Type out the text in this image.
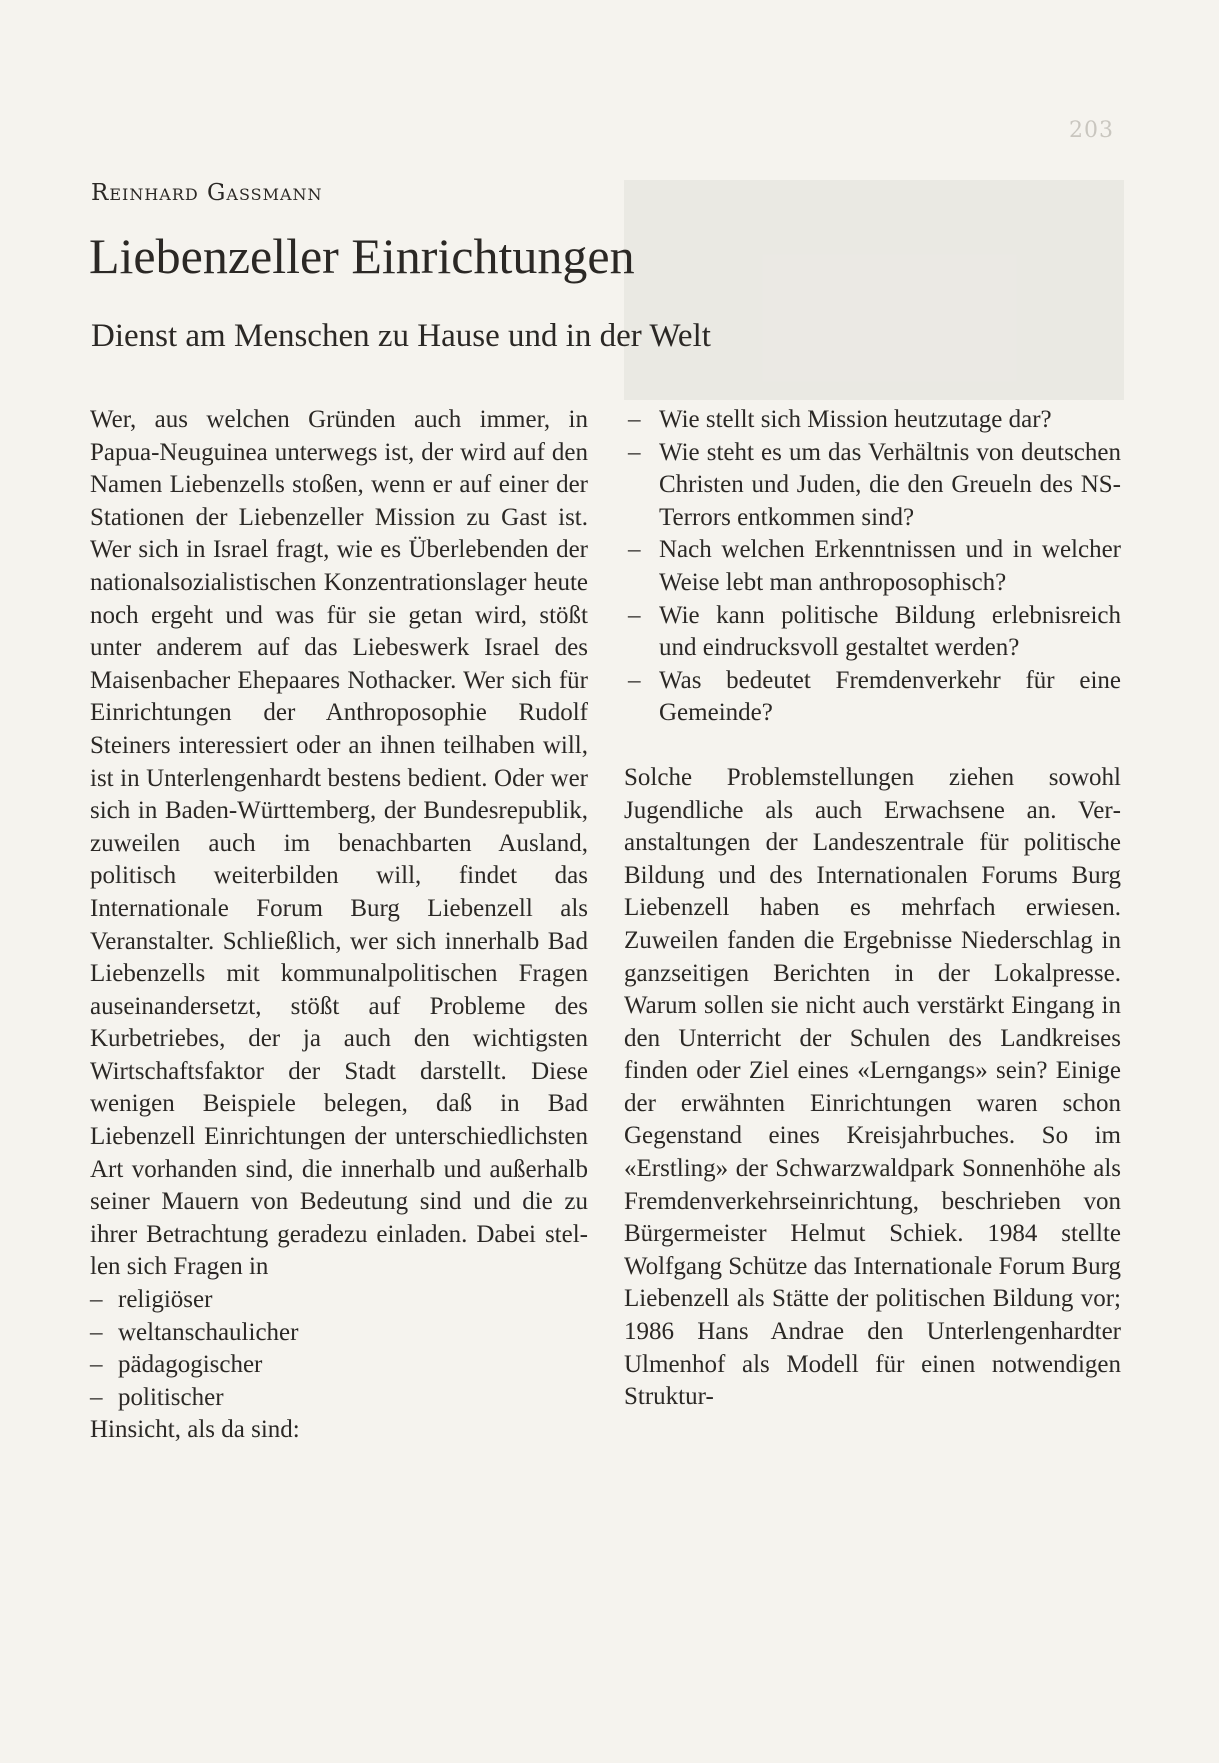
203
Reinhard Gassmann
Liebenzeller Einrichtungen
Dienst am Menschen zu Hause und in der Welt

Wer, aus welchen Gründen auch immer, in Papua-Neuguinea unterwegs ist, der wird auf den Namen Liebenzells stoßen, wenn er auf einer der Stationen der Liebenzeller Mission zu Gast ist. Wer sich in Israel fragt, wie es Überlebenden der nationalsozialistischen Konzentrationslager heute noch ergeht und was für sie getan wird, stößt unter anderem auf das Liebeswerk Israel des Maisenbacher Ehepaares Nothacker. Wer sich für Einrichtungen der Anthroposophie Rudolf Steiners interessiert oder an ihnen teilhaben will, ist in Unterlengenhardt bestens bedient. Oder wer sich in Baden-Württemberg, der Bundesrepublik, zuweilen auch im benachbarten Ausland, politisch weiterbilden will, findet das Internationale Forum Burg Liebenzell als Veranstalter. Schließlich, wer sich innerhalb Bad Liebenzells mit kommunalpolitischen Fragen auseinandersetzt, stößt auf Probleme des Kurbetriebes, der ja auch den wichtigsten Wirtschaftsfaktor der Stadt darstellt. Diese wenigen Beispiele belegen, daß in Bad Liebenzell Einrichtungen der unterschiedlichsten Art vorhanden sind, die innerhalb und außerhalb seiner Mauern von Bedeutung sind und die zu ihrer Betrachtung geradezu einladen. Dabei stellen sich Fragen in

– religiöser
– weltanschaulicher
– pädagogischer
– politischer

Hinsicht, als da sind:

– Wie stellt sich Mission heutzutage dar?
– Wie steht es um das Verhältnis von deutschen Christen und Juden, die den Greueln des NS-Terrors entkommen sind?
– Nach welchen Erkenntnissen und in welcher Weise lebt man anthroposophisch?
– Wie kann politische Bildung erlebnisreich und eindrucksvoll gestaltet werden?
– Was bedeutet Fremdenverkehr für eine Gemeinde?

Solche Problemstellungen ziehen sowohl Jugendliche als auch Erwachsene an. Veranstaltungen der Landeszentrale für politische Bildung und des Internationalen Forums Burg Liebenzell haben es mehrfach erwiesen. Zuweilen fanden die Ergebnisse Niederschlag in ganzseitigen Berichten in der Lokalpresse. Warum sollen sie nicht auch verstärkt Eingang in den Unterricht der Schulen des Landkreises finden oder Ziel eines «Lerngangs» sein? Einige der erwähnten Einrichtungen waren schon Gegenstand eines Kreisjahrbuches. So im «Erstling» der Schwarzwaldpark Sonnenhöhe als Fremdenverkehrseinrichtung, beschrieben von Bürgermeister Helmut Schiek. 1984 stellte Wolfgang Schütze das Internationale Forum Burg Liebenzell als Stätte der politischen Bildung vor; 1986 Hans Andrae den Unterlengenhardter Ulmenhof als Modell für einen notwendigen Struktur-
